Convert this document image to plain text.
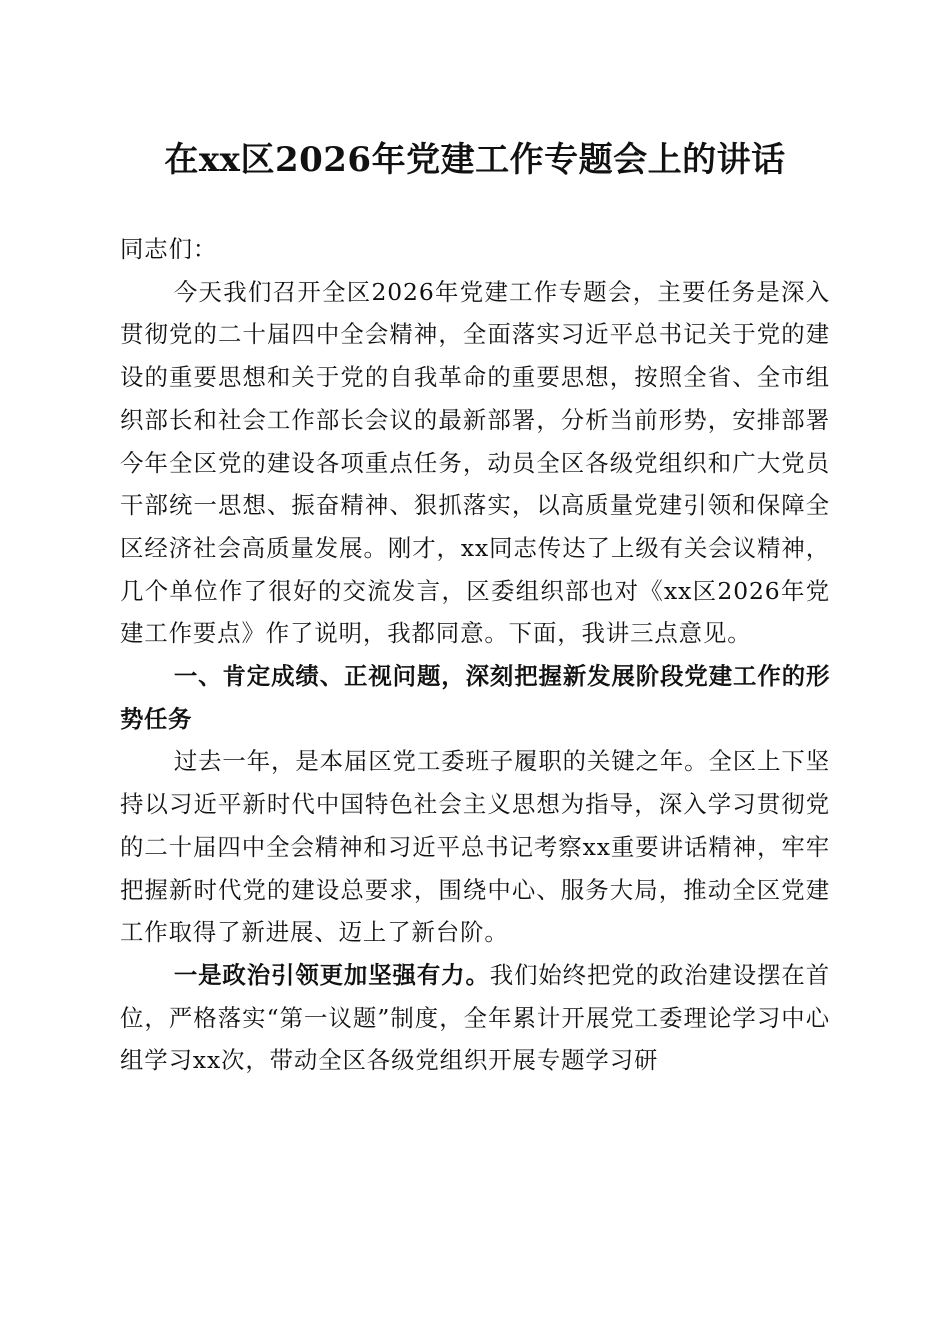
在xx区2026年党建工作专题会上的讲话

同志们：

今天我们召开全区2026年党建工作专题会，主要任务是深入贯彻党的二十届四中全会精神，全面落实习近平总书记关于党的建设的重要思想和关于党的自我革命的重要思想，按照全省、全市组织部长和社会工作部长会议的最新部署，分析当前形势，安排部署今年全区党的建设各项重点任务，动员全区各级党组织和广大党员干部统一思想、振奋精神、狠抓落实，以高质量党建引领和保障全区经济社会高质量发展。刚才，xx同志传达了上级有关会议精神，几个单位作了很好的交流发言，区委组织部也对《xx区2026年党建工作要点》作了说明，我都同意。下面，我讲三点意见。

一、肯定成绩、正视问题，深刻把握新发展阶段党建工作的形势任务

过去一年，是本届区党工委班子履职的关键之年。全区上下坚持以习近平新时代中国特色社会主义思想为指导，深入学习贯彻党的二十届四中全会精神和习近平总书记考察xx重要讲话精神，牢牢把握新时代党的建设总要求，围绕中心、服务大局，推动全区党建工作取得了新进展、迈上了新台阶。

一是政治引领更加坚强有力。我们始终把党的政治建设摆在首位，严格落实“第一议题”制度，全年累计开展党工委理论学习中心组学习xx次，带动全区各级党组织开展专题学习研
